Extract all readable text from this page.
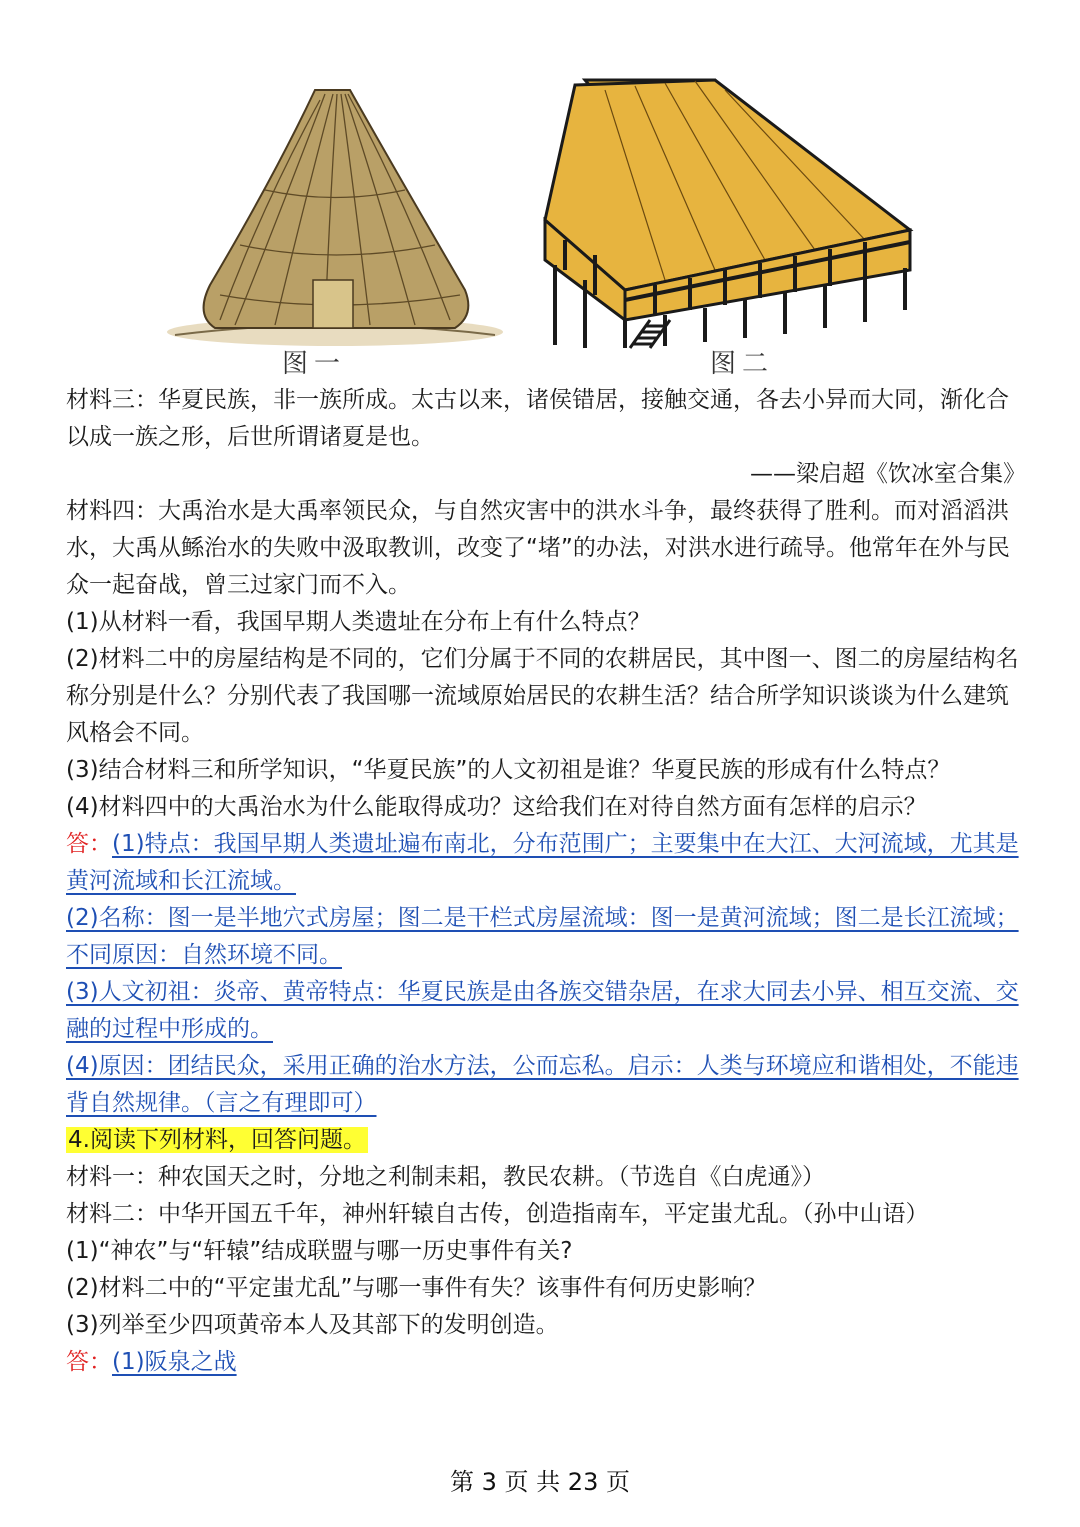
图一	图二

材料三：华夏民族，非一族所成。太古以来，诸侯错居，接触交通，各去小异而大同，渐化合以成一族之形，后世所谓诸夏是也。

——梁启超《饮冰室合集》

材料四：大禹治水是大禹率领民众，与自然灾害中的洪水斗争，最终获得了胜利。而对滔滔洪水，大禹从鲧治水的失败中汲取教训，改变了“堵”的办法，对洪水进行疏导。他常年在外与民众一起奋战，曾三过家门而不入。

(1)从材料一看，我国早期人类遗址在分布上有什么特点？

(2)材料二中的房屋结构是不同的，它们分属于不同的农耕居民，其中图一、图二的房屋结构名称分别是什么？分别代表了我国哪一流域原始居民的农耕生活？结合所学知识谈谈为什么建筑风格会不同。

(3)结合材料三和所学知识，“华夏民族”的人文初祖是谁？华夏民族的形成有什么特点？

(4)材料四中的大禹治水为什么能取得成功？这给我们在对待自然方面有怎样的启示？

答：(1)特点：我国早期人类遗址遍布南北，分布范围广；主要集中在大江、大河流域，尤其是黄河流域和长江流域。

(2)名称：图一是半地穴式房屋；图二是干栏式房屋流域：图一是黄河流域；图二是长江流域；不同原因：自然环境不同。

(3)人文初祖：炎帝、黄帝特点：华夏民族是由各族交错杂居，在求大同去小异、相互交流、交融的过程中形成的。

(4)原因：团结民众，采用正确的治水方法，公而忘私。启示：人类与环境应和谐相处，不能违背自然规律。（言之有理即可）

4.阅读下列材料，回答问题。

材料一：种农国天之时，分地之利制耒耜，教民农耕。（节选自《白虎通》）

材料二：中华开国五千年，神州轩辕自古传，创造指南车，平定蚩尤乱。（孙中山语）

(1)“神农”与“轩辕”结成联盟与哪一历史事件有关?

(2)材料二中的“平定蚩尤乱”与哪一事件有失？该事件有何历史影响？

(3)列举至少四项黄帝本人及其部下的发明创造。

答：(1)阪泉之战

第 3 页 共 23 页
